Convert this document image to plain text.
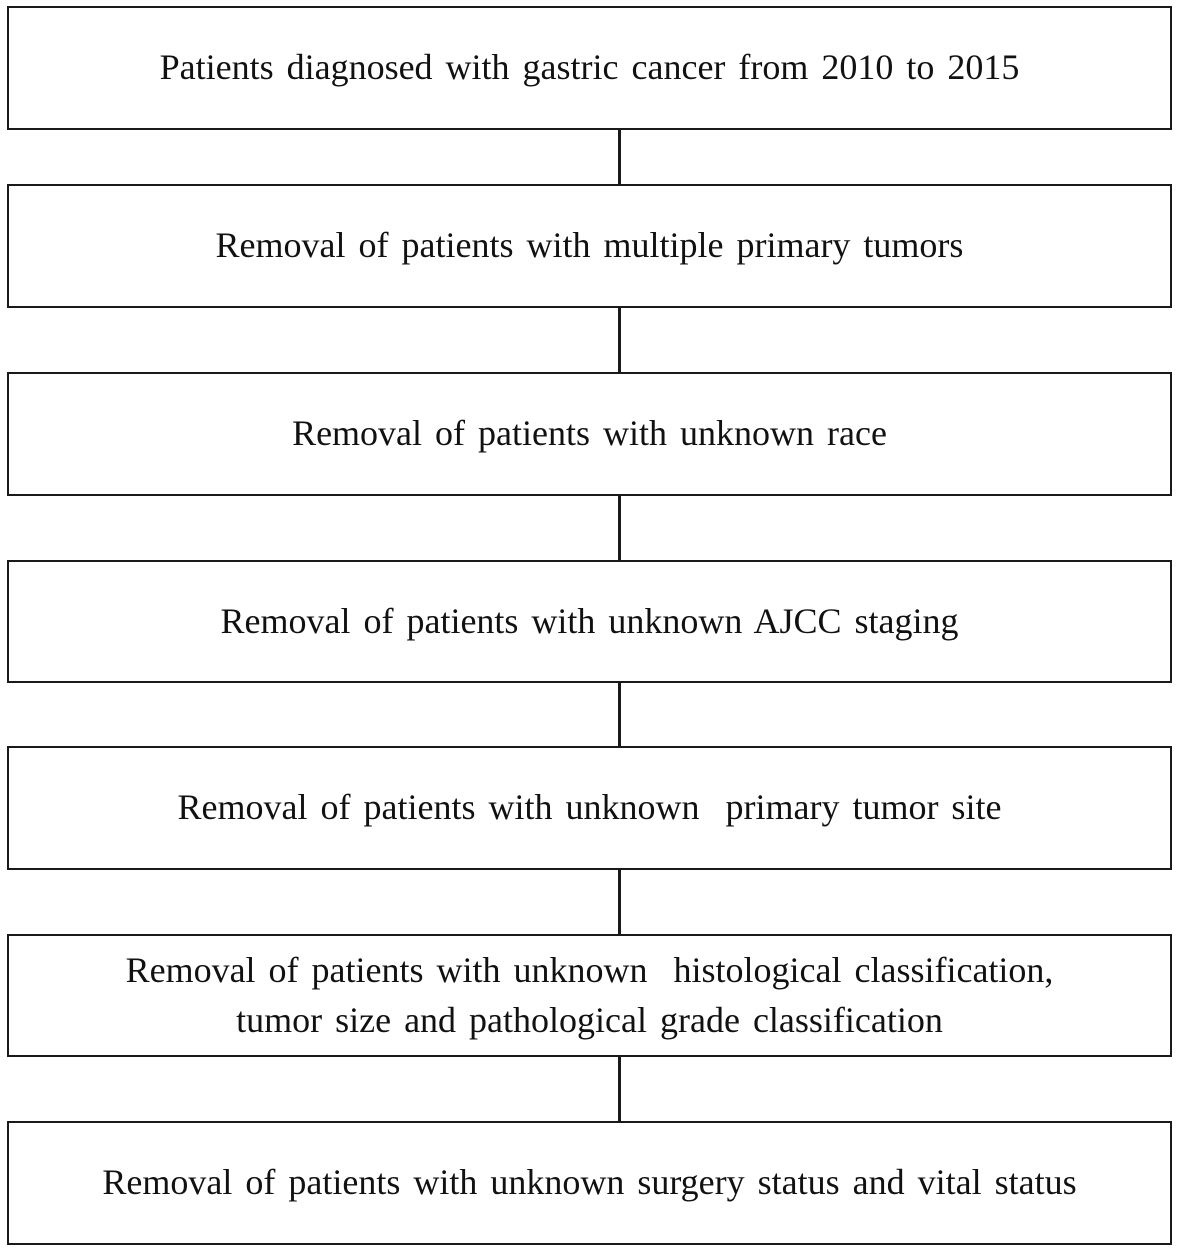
Patients diagnosed with gastric cancer from 2010 to 2015
Removal of patients with multiple primary tumors
Removal of patients with unknown race
Removal of patients with unknown AJCC staging
Removal of patients with unknown  primary tumor site
Removal of patients with unknown  histological classification,
tumor size and pathological grade classification
Removal of patients with unknown surgery status and vital status
